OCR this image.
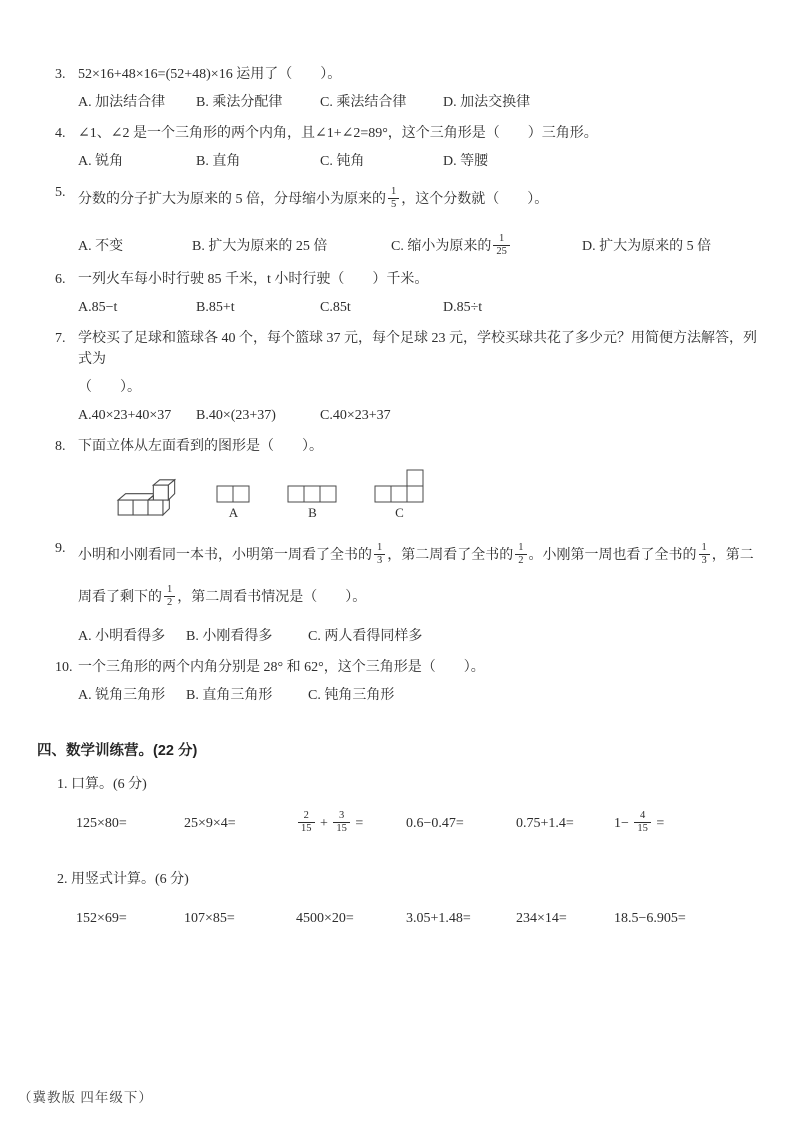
3. 52×16+48×16=(52+48)×16 运用了（　　）。
A. 加法结合律	B. 乘法分配律	C. 乘法结合律	D. 加法交换律
4. ∠1、∠2 是一个三角形的两个内角，且∠1+∠2=89°，这个三角形是（　　）三角形。
A. 锐角	B. 直角	C. 钝角	D. 等腰
5. 分数的分子扩大为原来的 5 倍，分母缩小为原来的 $\frac{1}{5}$ ，这个分数就（　　）。
A. 不变	B. 扩大为原来的 25 倍	C. 缩小为原来的 $\frac{1}{25}$	D. 扩大为原来的 5 倍
6. 一列火车每小时行驶 85 千米，t 小时行驶（　　）千米。
A.85−t	B.85+t	C.85t	D.85÷t
7. 学校买了足球和篮球各 40 个，每个篮球 37 元，每个足球 23 元，学校买球共花了多少元？用简便方法解答，列式为
（　　）。
A.40×23+40×37	B.40×(23+37)	C.40×23+37
8. 下面立体从左面看到的图形是（　　）。
A	B	C
9. 小明和小刚看同一本书，小明第一周看了全书的 $\frac{1}{3}$ ，第二周看了全书的 $\frac{1}{2}$ 。小刚第一周也看了全书的 $\frac{1}{3}$ ，第二
周看了剩下的 $\frac{1}{2}$ ，第二周看书情况是（　　）。
A. 小明看得多	B. 小刚看得多	C. 两人看得同样多
10. 一个三角形的两个内角分别是 28° 和 62°，这个三角形是（　　）。
A. 锐角三角形	B. 直角三角形	C. 钝角三角形
四、数学训练营。(22 分)
1. 口算。(6 分)
125×80=	25×9×4=	$\frac{2}{15} + \frac{3}{15}$ =	0.6−0.47=	0.75+1.4=	$1- \frac{4}{15}$ =
2. 用竖式计算。(6 分)
152×69=	107×85=	4500×20=	3.05+1.48=	234×14=	18.5−6.905=
（冀教版 四年级下）
